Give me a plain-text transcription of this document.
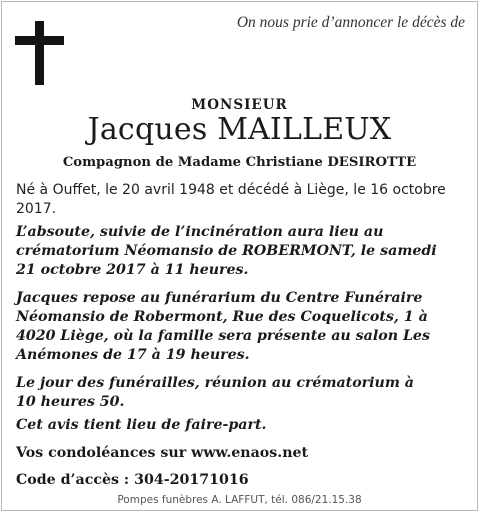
On nous prie d’annoncer le décès de
MONSIEUR
Jacques MAILLEUX
Compagnon de Madame Christiane DESIROTTE
Né à Ouffet, le 20 avril 1948 et décédé à Liège, le 16 octobre 2017.
L’absoute, suivie de l’incinération aura lieu au
crématorium Néomansio de ROBERMONT, le samedi
21 octobre 2017 à 11 heures.
Jacques repose au funérarium du Centre Funéraire
Néomansio de Robermont, Rue des Coquelicots, 1 à
4020 Liège, où la famille sera présente au salon Les
Anémones de 17 à 19 heures.
Le jour des funérailles, réunion au crématorium à
10 heures 50.
Cet avis tient lieu de faire-part.
Vos condoléances sur www.enaos.net
Code d’accès : 304-20171016
Pompes funèbres A. LAFFUT, tél. 086/21.15.38
